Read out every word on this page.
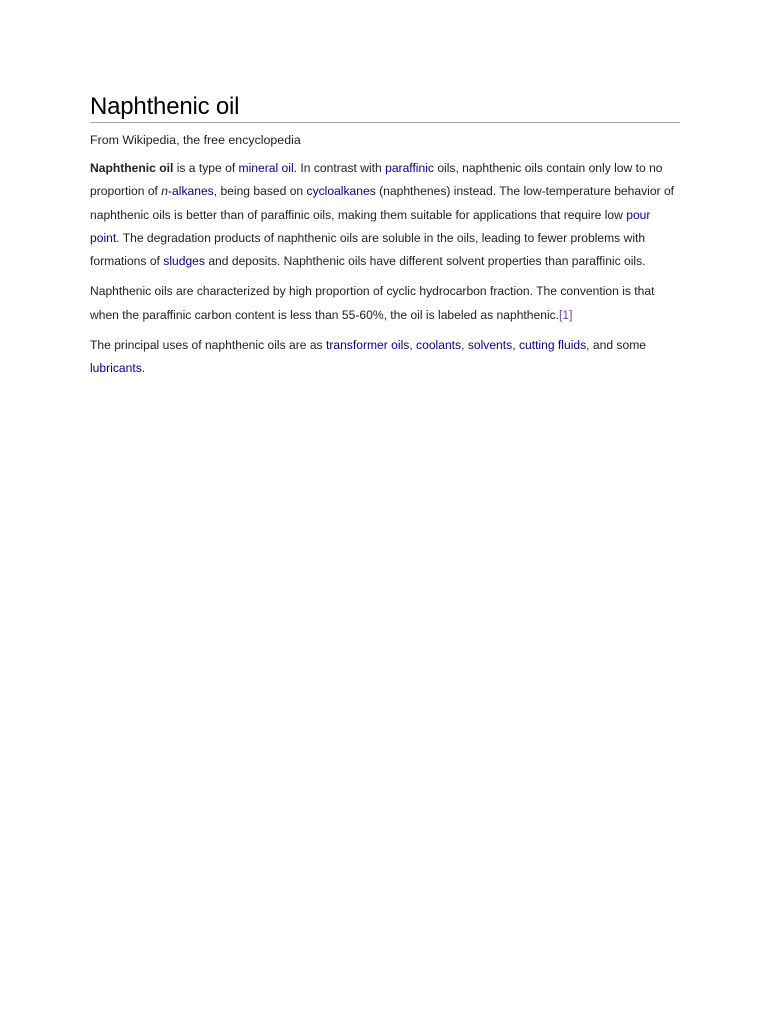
Naphthenic oil
From Wikipedia, the free encyclopedia

Naphthenic oil is a type of mineral oil. In contrast with paraffinic oils, naphthenic oils contain only low to no proportion of n-alkanes, being based on cycloalkanes (naphthenes) instead. The low-temperature behavior of naphthenic oils is better than of paraffinic oils, making them suitable for applications that require low pour point. The degradation products of naphthenic oils are soluble in the oils, leading to fewer problems with formations of sludges and deposits. Naphthenic oils have different solvent properties than paraffinic oils.

Naphthenic oils are characterized by high proportion of cyclic hydrocarbon fraction. The convention is that when the paraffinic carbon content is less than 55-60%, the oil is labeled as naphthenic.[1]

The principal uses of naphthenic oils are as transformer oils, coolants, solvents, cutting fluids, and some lubricants.
